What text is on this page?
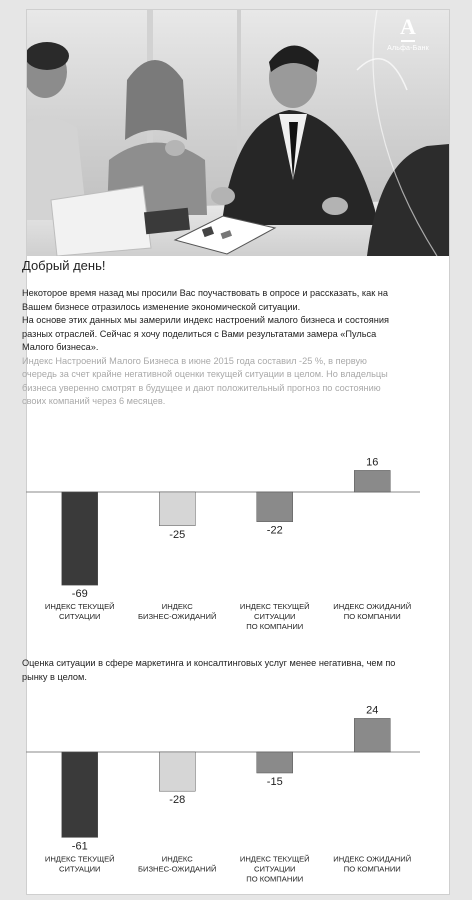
А
Альфа-Банк

Добрый день!

Некоторое время назад мы просили Вас поучаствовать в опросе и рассказать, как на Вашем бизнесе отразилось изменение экономической ситуации.

На основе этих данных мы замерили индекс настроений малого бизнеса и состояния разных отраслей. Сейчас я хочу поделиться с Вами результатами замера «Пульса Малого бизнеса».

Индекс Настроений Малого Бизнеса в июне 2015 года составил -25 %, в первую очередь за счет крайне негативной оценки текущей ситуации в целом. Но владельцы бизнеса уверенно смотрят в будущее и дают положительный прогноз по состоянию своих компаний через 6 месяцев.

-69
ИНДЕКС ТЕКУЩЕЙ
СИТУАЦИИ
-25
ИНДЕКС
БИЗНЕС-ОЖИДАНИЙ
-22
ИНДЕКС ТЕКУЩЕЙ
СИТУАЦИИ
ПО КОМПАНИИ
16
ИНДЕКС ОЖИДАНИЙ
ПО КОМПАНИИ

Оценка ситуации в сфере маркетинга и консалтинговых услуг менее негативна, чем по рынку в целом.

-61
ИНДЕКС ТЕКУЩЕЙ
СИТУАЦИИ
-28
ИНДЕКС
БИЗНЕС-ОЖИДАНИЙ
-15
ИНДЕКС ТЕКУЩЕЙ
СИТУАЦИИ
ПО КОМПАНИИ
24
ИНДЕКС ОЖИДАНИЙ
ПО КОМПАНИИ
